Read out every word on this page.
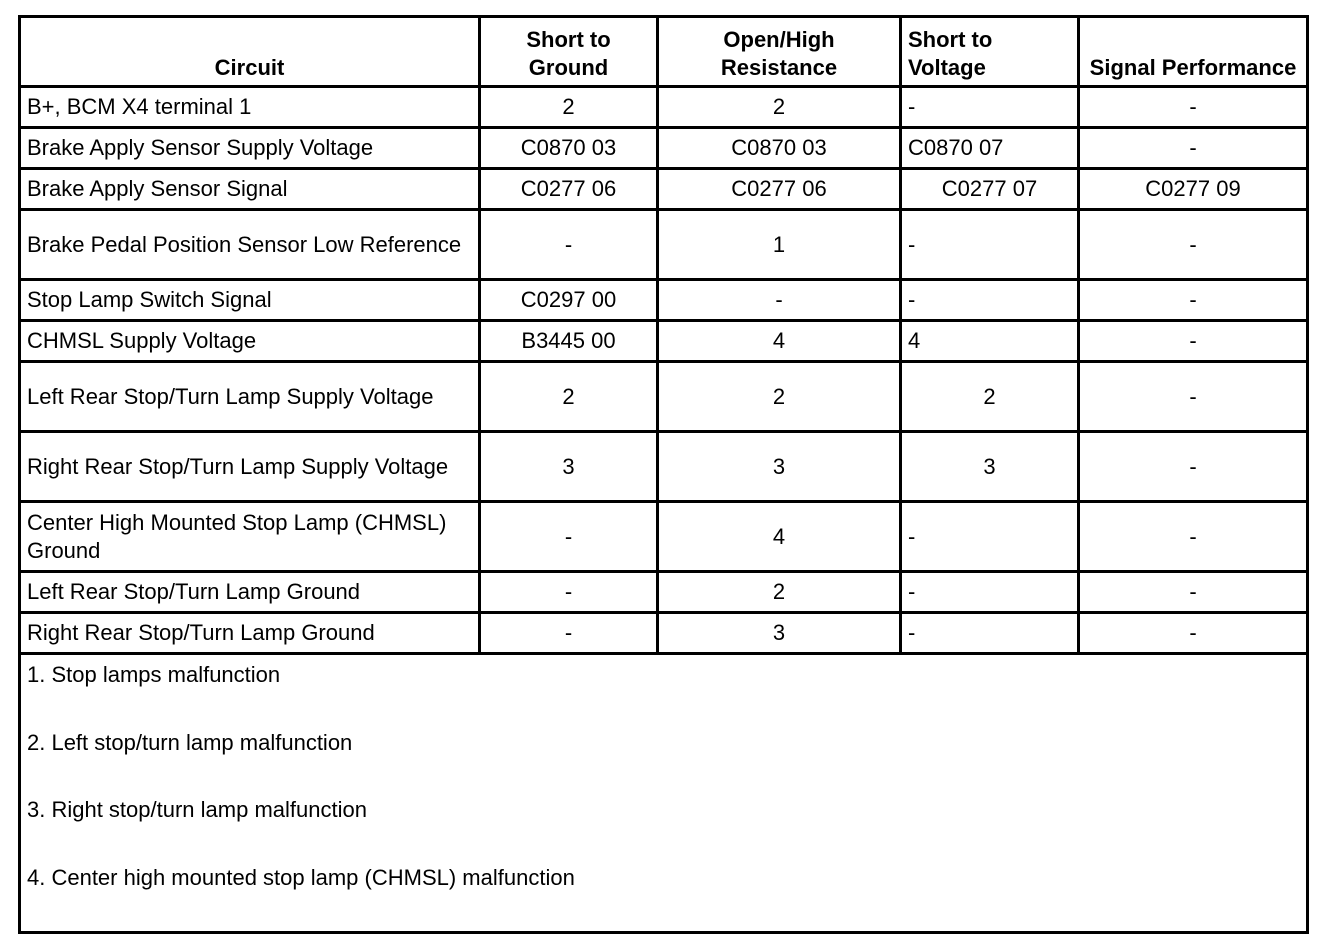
Circuit	Short to Ground	Open/High Resistance	Short to Voltage	Signal Performance
B+, BCM X4 terminal 1	2	2	-	-
Brake Apply Sensor Supply Voltage	C0870 03	C0870 03	C0870 07	-
Brake Apply Sensor Signal	C0277 06	C0277 06	C0277 07	C0277 09
Brake Pedal Position Sensor Low Reference	-	1	-	-
Stop Lamp Switch Signal	C0297 00	-	-	-
CHMSL Supply Voltage	B3445 00	4	4	-
Left Rear Stop/Turn Lamp Supply Voltage	2	2	2	-
Right Rear Stop/Turn Lamp Supply Voltage	3	3	3	-
Center High Mounted Stop Lamp (CHMSL) Ground	-	4	-	-
Left Rear Stop/Turn Lamp Ground	-	2	-	-
Right Rear Stop/Turn Lamp Ground	-	3	-	-

1. Stop lamps malfunction
2. Left stop/turn lamp malfunction
3. Right stop/turn lamp malfunction
4. Center high mounted stop lamp (CHMSL) malfunction				
